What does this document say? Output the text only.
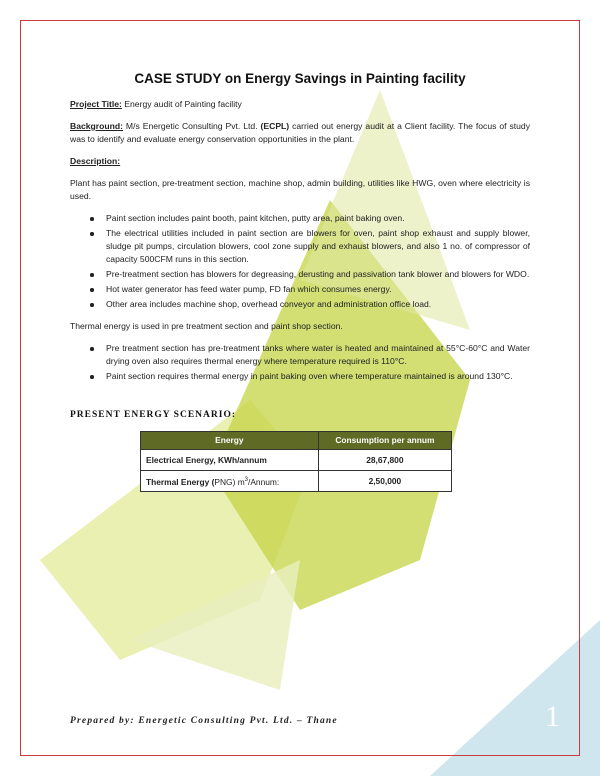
CASE STUDY on Energy Savings in Painting facility

Project Title: Energy audit of Painting facility

Background: M/s Energetic Consulting Pvt. Ltd. (ECPL) carried out energy audit at a Client facility. The focus of study was to identify and evaluate energy conservation opportunities in the plant.

Description:

Plant has paint section, pre-treatment section, machine shop, admin building, utilities like HWG, oven where electricity is used.

Paint section includes paint booth, paint kitchen, putty area, paint baking oven.
The electrical utilities included in paint section are blowers for oven, paint shop exhaust and supply blower, sludge pit pumps, circulation blowers, cool zone supply and exhaust blowers, and also 1 no. of compressor of capacity 500CFM runs in this section.
Pre-treatment section has blowers for degreasing, derusting and passivation tank blower and blowers for WDO.
Hot water generator has feed water pump, FD fan which consumes energy.
Other area includes machine shop, overhead conveyor and administration office load.

Thermal energy is used in pre treatment section and paint shop section.

Pre treatment section has pre-treatment tanks where water is heated and maintained at 55°C-60°C and Water drying oven also requires thermal energy where temperature required is 110°C.
Paint section requires thermal energy in paint baking oven where temperature maintained is around 130°C.
PRESENT ENERGY SCENARIO:
Energy	Consumption per annum
Electrical Energy, KWh/annum	28,67,800
Thermal Energy (PNG) $m^3$/Annum:	2,50,000
Prepared by: Energetic Consulting Pvt. Ltd. – Thane	1
